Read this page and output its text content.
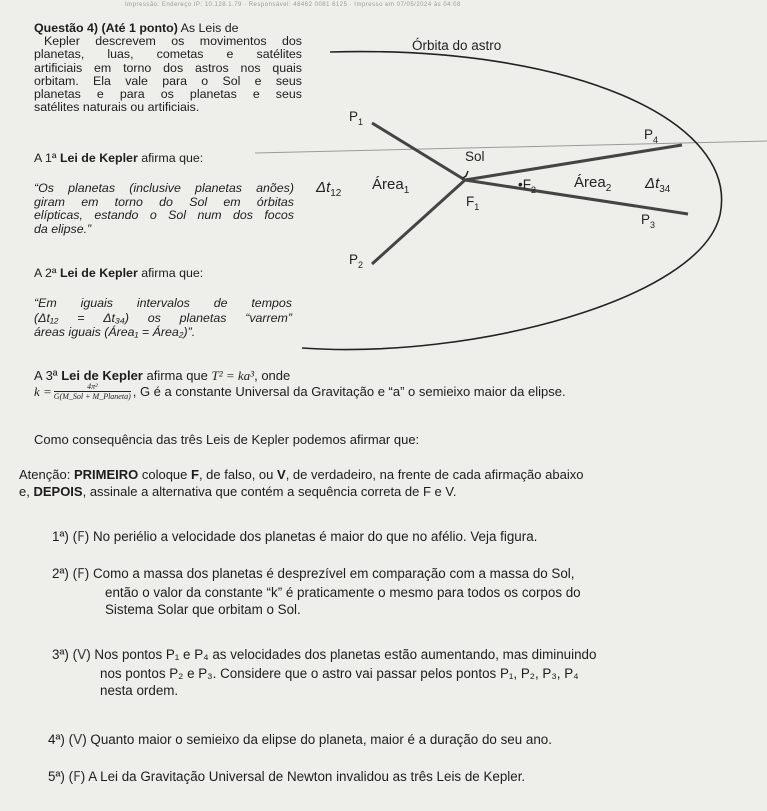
Impressão: Endereço IP: 10.128.1.79 · Responsável: 48462 0081 6125 · Impresso em 07/05/2024 às 04:08

Questão 4) (Até 1 ponto) As Leis de

Kepler descrevem os movimentos dos

planetas, luas, cometas e satélites

artificiais em torno dos astros nos quais

orbitam. Ela vale para o Sol e seus

planetas e para os planetas e seus

satélites naturais ou artificiais.

A 1ª Lei de Kepler afirma que:
“Os planetas (inclusive planetas anões)
giram em torno do Sol em órbitas
elípticas, estando o Sol num dos focos
da elipse.”
A 2ª Lei de Kepler afirma que:
“Em iguais intervalos de tempos
(Δt₁₂ = Δt₃₄) os planetas “varrem”
áreas iguais (Área₁ = Área₂)”.
A 3ª Lei de Kepler afirma que T² = ka³, onde
k =	4π²
G(M_Sol + M_Planeta) , G é a constante Universal da Gravitação e “a” o semieixo maior da elipse.
Como consequência das três Leis de Kepler podemos afirmar que:
Atenção: PRIMEIRO coloque F, de falso, ou V, de verdadeiro, na frente de cada afirmação abaixo
e, DEPOIS, assinale a alternativa que contém a sequência correta de F e V.
1ª) (F) No periélio a velocidade dos planetas é maior do que no afélio. Veja figura.
2ª) (F) Como a massa dos planetas é desprezível em comparação com a massa do Sol,
então o valor da constante “k” é praticamente o mesmo para todos os corpos do
Sistema Solar que orbitam o Sol.
3ª) (V) Nos pontos P₁ e P₄ as velocidades dos planetas estão aumentando, mas diminuindo
nos pontos P₂ e P₃. Considere que o astro vai passar pelos pontos P₁, P₂, P₃, P₄
nesta ordem.
4ª) (V) Quanto maior o semieixo da elipse do planeta, maior é a duração do seu ano.
5ª) (F) A Lei da Gravitação Universal de Newton invalidou as três Leis de Kepler.
Órbita do astro
$P_1$
$P_4$
$P_3$
$P_2$
Sol
$\Delta t_{12}$
Área$_1$
$F_1$
$•F_2$	Área$_2$ $\Delta t_{34}$
